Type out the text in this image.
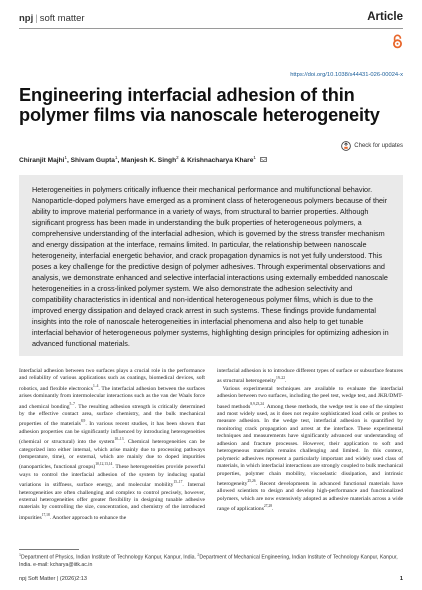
npj | soft matter	Article
https://doi.org/10.1038/s44431-026-00024-x
Engineering interfacial adhesion of thin polymer films via nanoscale heterogeneity
Check for updates
Chiranjit Majhi$^1$, Shivam Gupta$^1$, Manjesh K. Singh$^2$ & Krishnacharya Khare$^1$

Heterogeneities in polymers critically influence their mechanical performance and multifunctional behavior. Nanoparticle-doped polymers have emerged as a prominent class of heterogeneous polymers because of their ability to improve material performance in a variety of ways, from structural to barrier properties. Although significant progress has been made in understanding the bulk properties of heterogeneous polymers, a comprehensive understanding of the interfacial adhesion, which is governed by the stress transfer mechanism and energy dissipation at the interface, remains limited. In particular, the relationship between nanoscale heterogeneity, interfacial energetic behavior, and crack propagation dynamics is not yet fully understood. This poses a key challenge for the predictive design of polymer adhesives. Through experimental observations and analysis, we demonstrate enhanced and selective interfacial interactions using externally embedded nanoscale heterogeneities in a cross-linked polymer system. We also demonstrate the adhesion selectivity and compatibility characteristics in identical and non-identical heterogeneous polymer films, which is due to the improved energy dissipation and delayed crack arrest in such systems. These findings provide fundamental insights into the role of nanoscale heterogeneities in interfacial phenomena and also help to get tunable interfacial behavior of heterogeneous polymer systems, highlighting design principles for optimizing adhesion in advanced functional materials.

Interfacial adhesion between two surfaces plays a crucial role in the performance and reliability of various applications such as coatings, biomedical devices, soft robotics, and flexible electronics$^{1-4}$. The interfacial adhesion between the surfaces arises dominantly from intermolecular interactions such as the van der Waals force and chemical bonding$^{5-7}$. The resulting adhesion strength is critically determined by the effective contact area, surface chemistry, and the bulk mechanical properties of the materials$^{8,9}$. In various recent studies, it has been shown that adhesion properties can be significantly influenced by introducing heterogeneities (chemical or structural) into the system$^{10-13}$. Chemical heterogeneities can be categorized into either internal, which arise mainly due to processing pathways (temperature, time), or external, which are mainly due to doped impurities (nanoparticles, functional groups)$^{10,12,13,14}$. These heterogeneities provide powerful ways to control the interfacial adhesion of the system by inducing spatial variations in stiffness, surface energy, and molecular mobility$^{15-17}$. Internal heterogeneities are often challenging and complex to control precisely, however, external heterogeneities offer greater flexibility in designing tunable adhesive materials by controlling the size, concentration, and chemistry of the introduced impurities$^{17,18}$. Another approach to enhance the
interfacial adhesion is to introduce different types of surface or subsurface features as structural heterogeneity$^{19-22}$.
 Various experimental techniques are available to evaluate the interfacial adhesion between two surfaces, including the peel test, wedge test, and JKR/DMT-based methods$^{8,9,23,24}$. Among these methods, the wedge test is one of the simplest and most widely used, as it does not require sophisticated load cells or probes to measure adhesion. In the wedge test, interfacial adhesion is quantified by monitoring crack propagation and arrest at the interface. These experimental techniques and measurements have significantly advanced our understanding of adhesion and fracture processes. However, their application to soft and heterogeneous materials remains challenging and limited. In this context, polymeric adhesives represent a particularly important and widely used class of materials, in which interfacial interactions are strongly coupled to bulk mechanical properties, polymer chain mobility, viscoelastic dissipation, and intrinsic heterogeneity$^{25,26}$. Recent developments in advanced functional materials have allowed scientists to design and develop high-performance and functionalized polymers, which are now extensively adopted as adhesive materials across a wide range of applications$^{27,28}$.
$^1$Department of Physics, Indian Institute of Technology Kanpur, Kanpur, India. $^2$Department of Mechanical Engineering, Indian Institute of Technology Kanpur, Kanpur, India. e-mail: kcharya@iitk.ac.in
npj Soft Matter | (2026)2:13	1
